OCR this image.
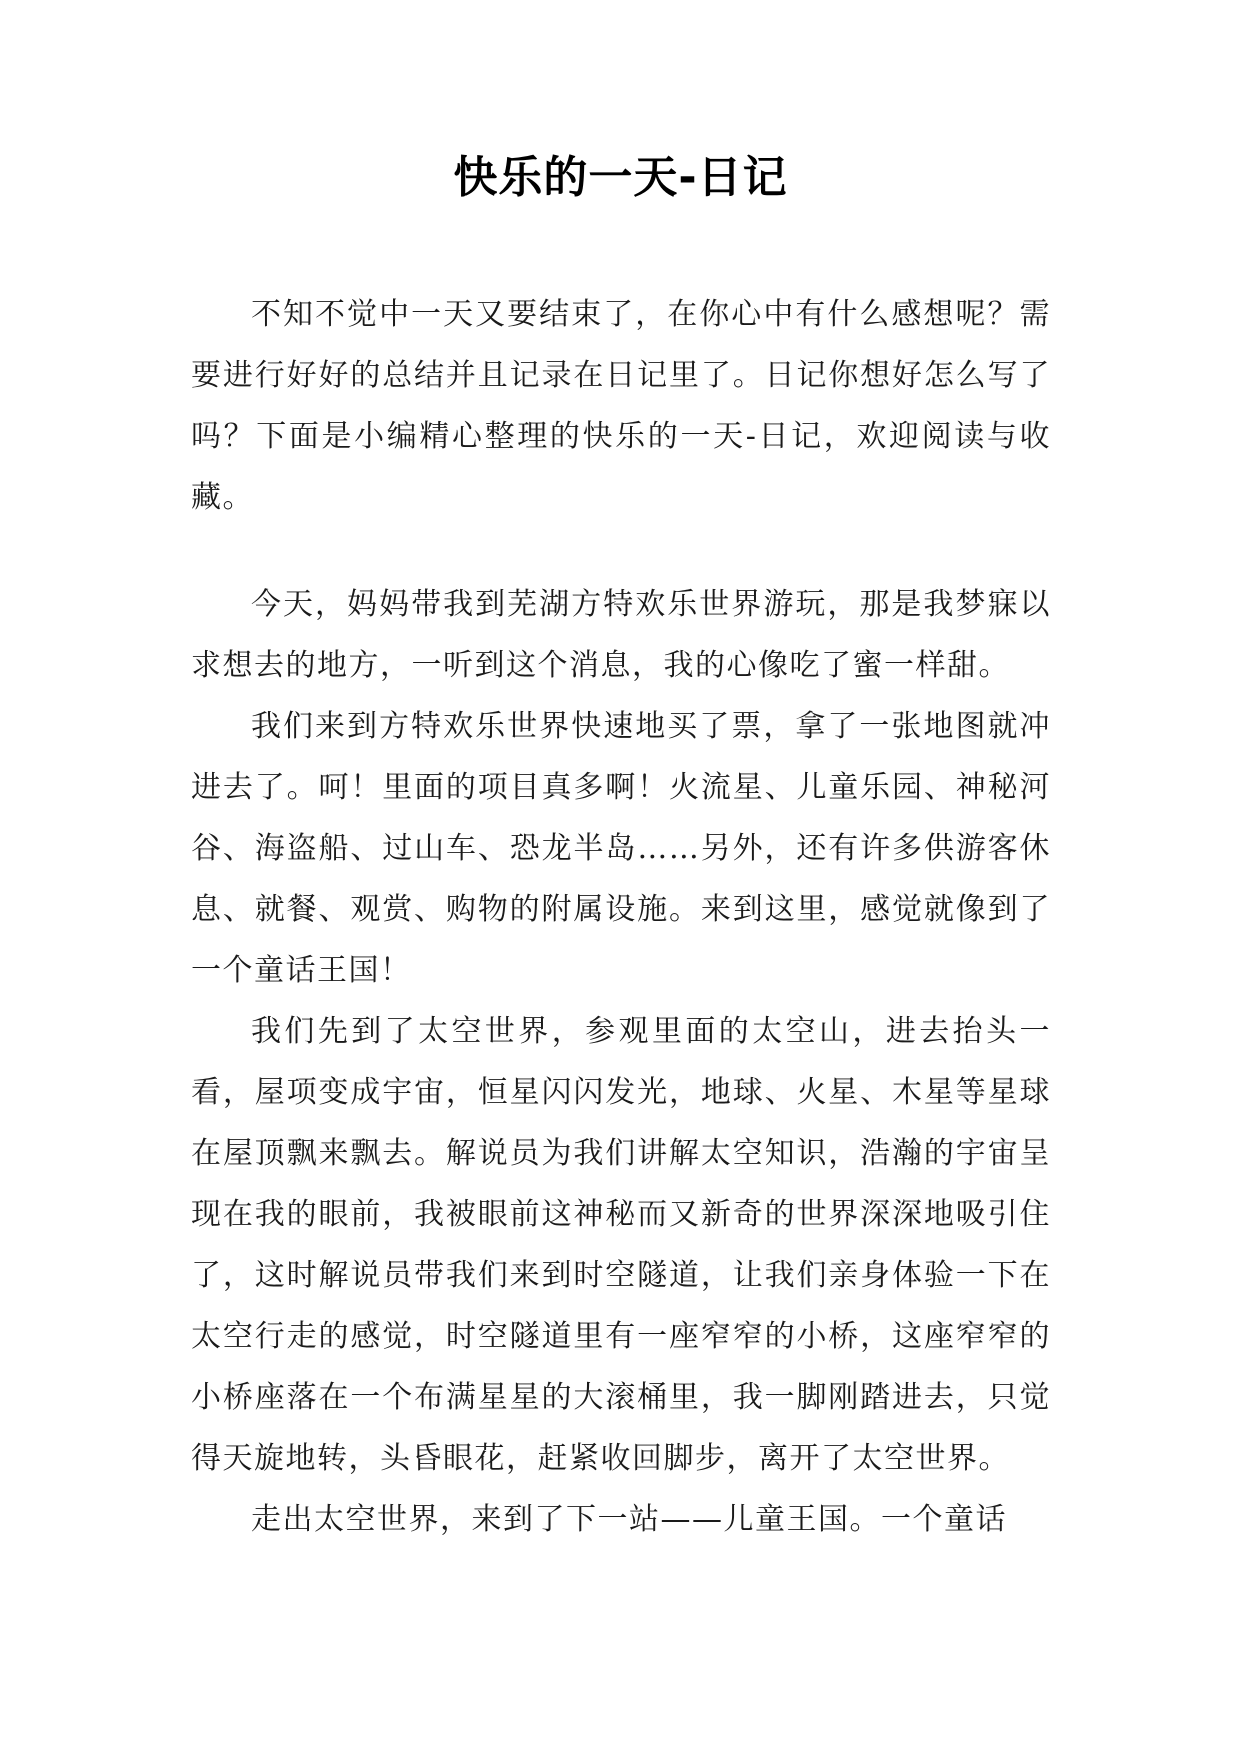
快乐的一天-日记

不知不觉中一天又要结束了，在你心中有什么感想呢？需要进行好好的总结并且记录在日记里了。日记你想好怎么写了吗？下面是小编精心整理的快乐的一天-日记，欢迎阅读与收藏。

今天，妈妈带我到芜湖方特欢乐世界游玩，那是我梦寐以求想去的地方，一听到这个消息，我的心像吃了蜜一样甜。

我们来到方特欢乐世界快速地买了票，拿了一张地图就冲进去了。呵！里面的项目真多啊！火流星、儿童乐园、神秘河谷、海盗船、过山车、恐龙半岛……另外，还有许多供游客休息、就餐、观赏、购物的附属设施。来到这里，感觉就像到了一个童话王国！

我们先到了太空世界，参观里面的太空山，进去抬头一看，屋项变成宇宙，恒星闪闪发光，地球、火星、木星等星球在屋顶飘来飘去。解说员为我们讲解太空知识，浩瀚的宇宙呈现在我的眼前，我被眼前这神秘而又新奇的世界深深地吸引住了，这时解说员带我们来到时空隧道，让我们亲身体验一下在太空行走的感觉，时空隧道里有一座窄窄的小桥，这座窄窄的小桥座落在一个布满星星的大滚桶里，我一脚刚踏进去，只觉得天旋地转，头昏眼花，赶紧收回脚步，离开了太空世界。

走出太空世界，来到了下一站——儿童王国。一个童话
